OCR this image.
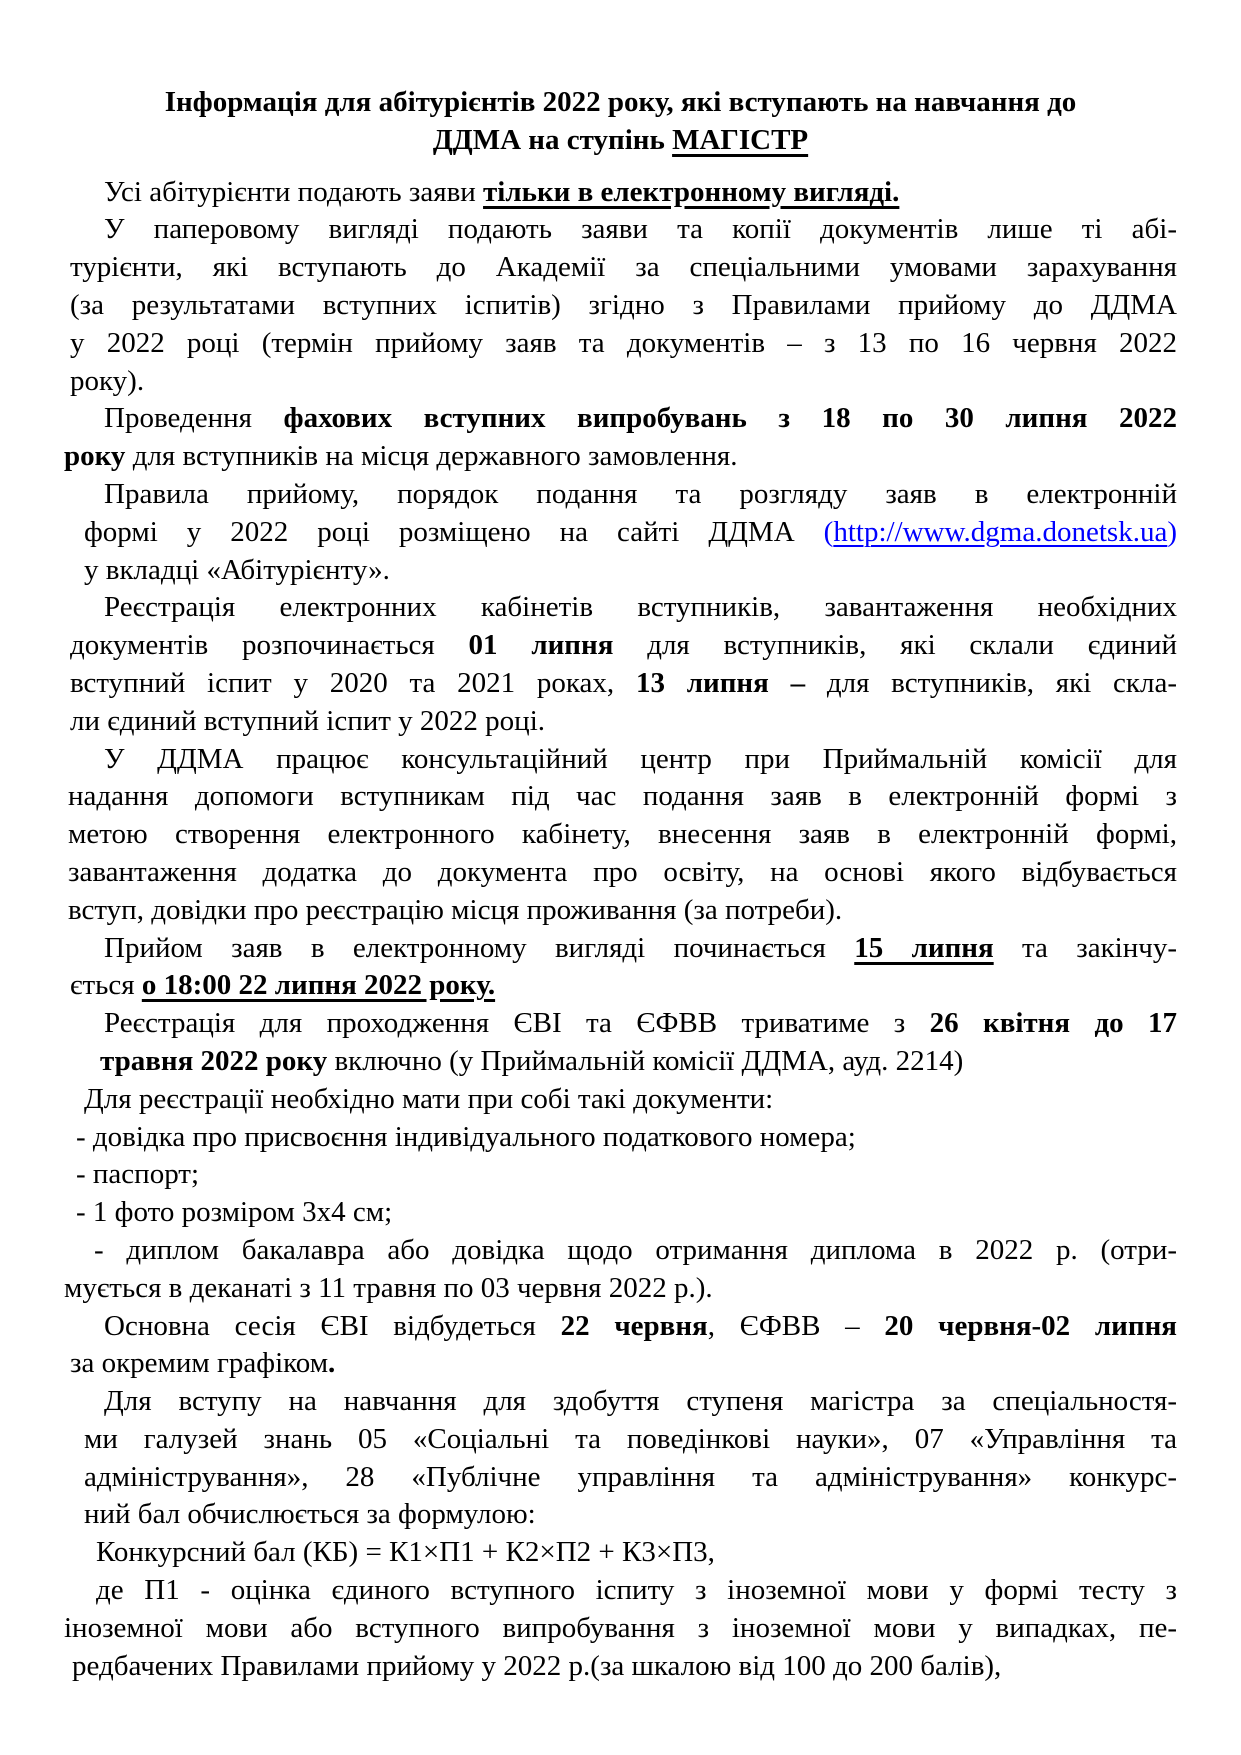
Інформація для абітурієнтів 2022 року, які вступають на навчання до
ДДМА на ступінь МАГІСТР
Усі абітурієнти подають заяви тільки в електронному вигляді.
У паперовому вигляді подають заяви та копії документів лише ті абі-
турієнти, які вступають до Академії за спеціальними умовами зарахування
(за результатами вступних іспитів) згідно з Правилами прийому до ДДМА
у 2022 році (термін прийому заяв та документів – з 13 по 16 червня 2022
року).
Проведення фахових вступних випробувань з 18 по 30 липня 2022
року для вступників на місця державного замовлення.
Правила прийому, порядок подання та розгляду заяв в електронній
формі у 2022 році розміщено на сайті ДДМА (http://www.dgma.donetsk.ua)
у вкладці «Абітурієнту».
Реєстрація електронних кабінетів вступників, завантаження необхідних
документів розпочинається 01 липня для вступників, які склали єдиний
вступний іспит у 2020 та 2021 роках, 13 липня – для вступників, які скла-
ли єдиний вступний іспит у 2022 році.
У ДДМА працює консультаційний центр при Приймальній комісії для
надання допомоги вступникам під час подання заяв в електронній формі з
метою створення електронного кабінету, внесення заяв в електронній формі,
завантаження додатка до документа про освіту, на основі якого відбувається
вступ, довідки про реєстрацію місця проживання (за потреби).
Прийом заяв в електронному вигляді починається 15 липня та закінчу-
ється о 18:00 22 липня 2022 року.
Реєстрація для проходження ЄВІ та ЄФВВ триватиме з 26 квітня до 17
травня 2022 року включно (у Приймальній комісії ДДМА, ауд. 2214)
Для реєстрації необхідно мати при собі такі документи:
- довідка про присвоєння індивідуального податкового номера;
- паспорт;
- 1 фото розміром 3х4 см;
- диплом бакалавра або довідка щодо отримання диплома в 2022 р. (отри-
мується в деканаті з 11 травня по 03 червня 2022 р.).
Основна сесія ЄВІ відбудеться 22 червня, ЄФВВ – 20 червня-02 липня
за окремим графіком.
Для вступу на навчання для здобуття ступеня магістра за спеціальностя-
ми галузей знань 05 «Соціальні та поведінкові науки», 07 «Управління та
адміністрування», 28 «Публічне управління та адміністрування» конкурс-
ний бал обчислюється за формулою:
Конкурсний бал (КБ) = К1×П1 + К2×П2 + К3×П3,
де П1 - оцінка єдиного вступного іспиту з іноземної мови у формі тесту з
іноземної мови або вступного випробування з іноземної мови у випадках, пе-
редбачених Правилами прийому у 2022 р.(за шкалою від 100 до 200 балів),
